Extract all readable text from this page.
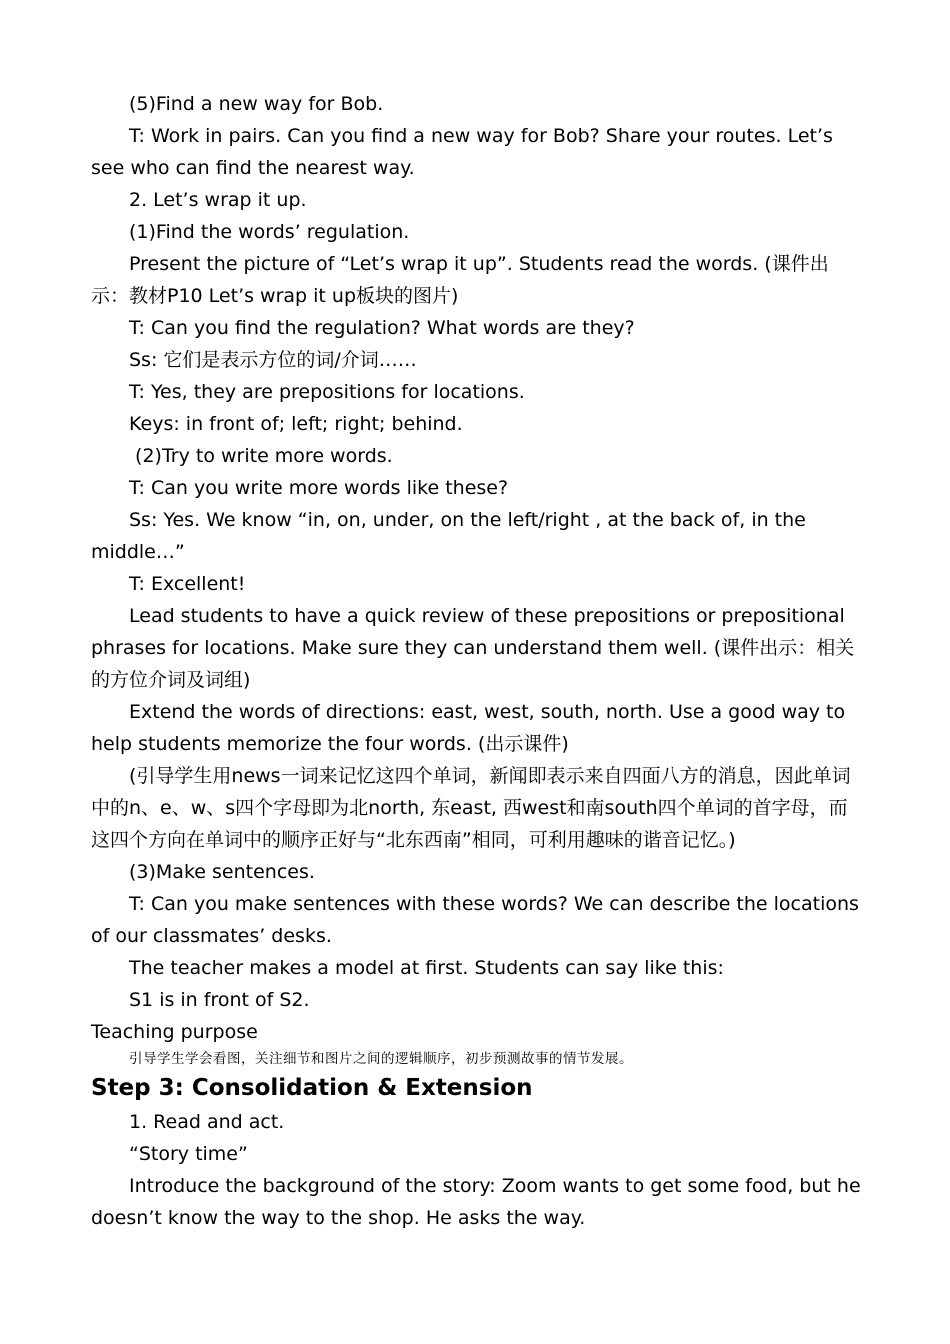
(5)Find a new way for Bob.

T: Work in pairs. Can you find a new way for Bob? Share your routes. Let’s see who can find the nearest way.

2. Let’s wrap it up.

(1)Find the words’ regulation.

Present the picture of “Let’s wrap it up”. Students read the words. (课件出示：教材P10 Let’s wrap it up板块的图片)

T: Can you find the regulation? What words are they?

Ss: 它们是表示方位的词/介词……

T: Yes, they are prepositions for locations.

Keys: in front of; left; right; behind.

(2)Try to write more words.

T: Can you write more words like these?

Ss: Yes. We know “in, on, under, on the left/right , at the back of, in the middle…”

T: Excellent!

Lead students to have a quick review of these prepositions or prepositional phrases for locations. Make sure they can understand them well. (课件出示：相关的方位介词及词组)

Extend the words of directions: east, west, south, north. Use a good way to help students memorize the four words. (出示课件)

(引导学生用news一词来记忆这四个单词，新闻即表示来自四面八方的消息，因此单词中的n、e、w、s四个字母即为北north, 东east, 西west和南south四个单词的首字母，而这四个方向在单词中的顺序正好与“北东西南”相同，可利用趣味的谐音记忆。)

(3)Make sentences.

T: Can you make sentences with these words? We can describe the locations of our classmates’ desks.

The teacher makes a model at first. Students can say like this:

S1 is in front of S2.

Teaching purpose

引导学生学会看图，关注细节和图片之间的逻辑顺序，初步预测故事的情节发展。

Step 3: Consolidation & Extension

1. Read and act.

“Story time”

Introduce the background of the story: Zoom wants to get some food, but he doesn’t know the way to the shop. He asks the way.
